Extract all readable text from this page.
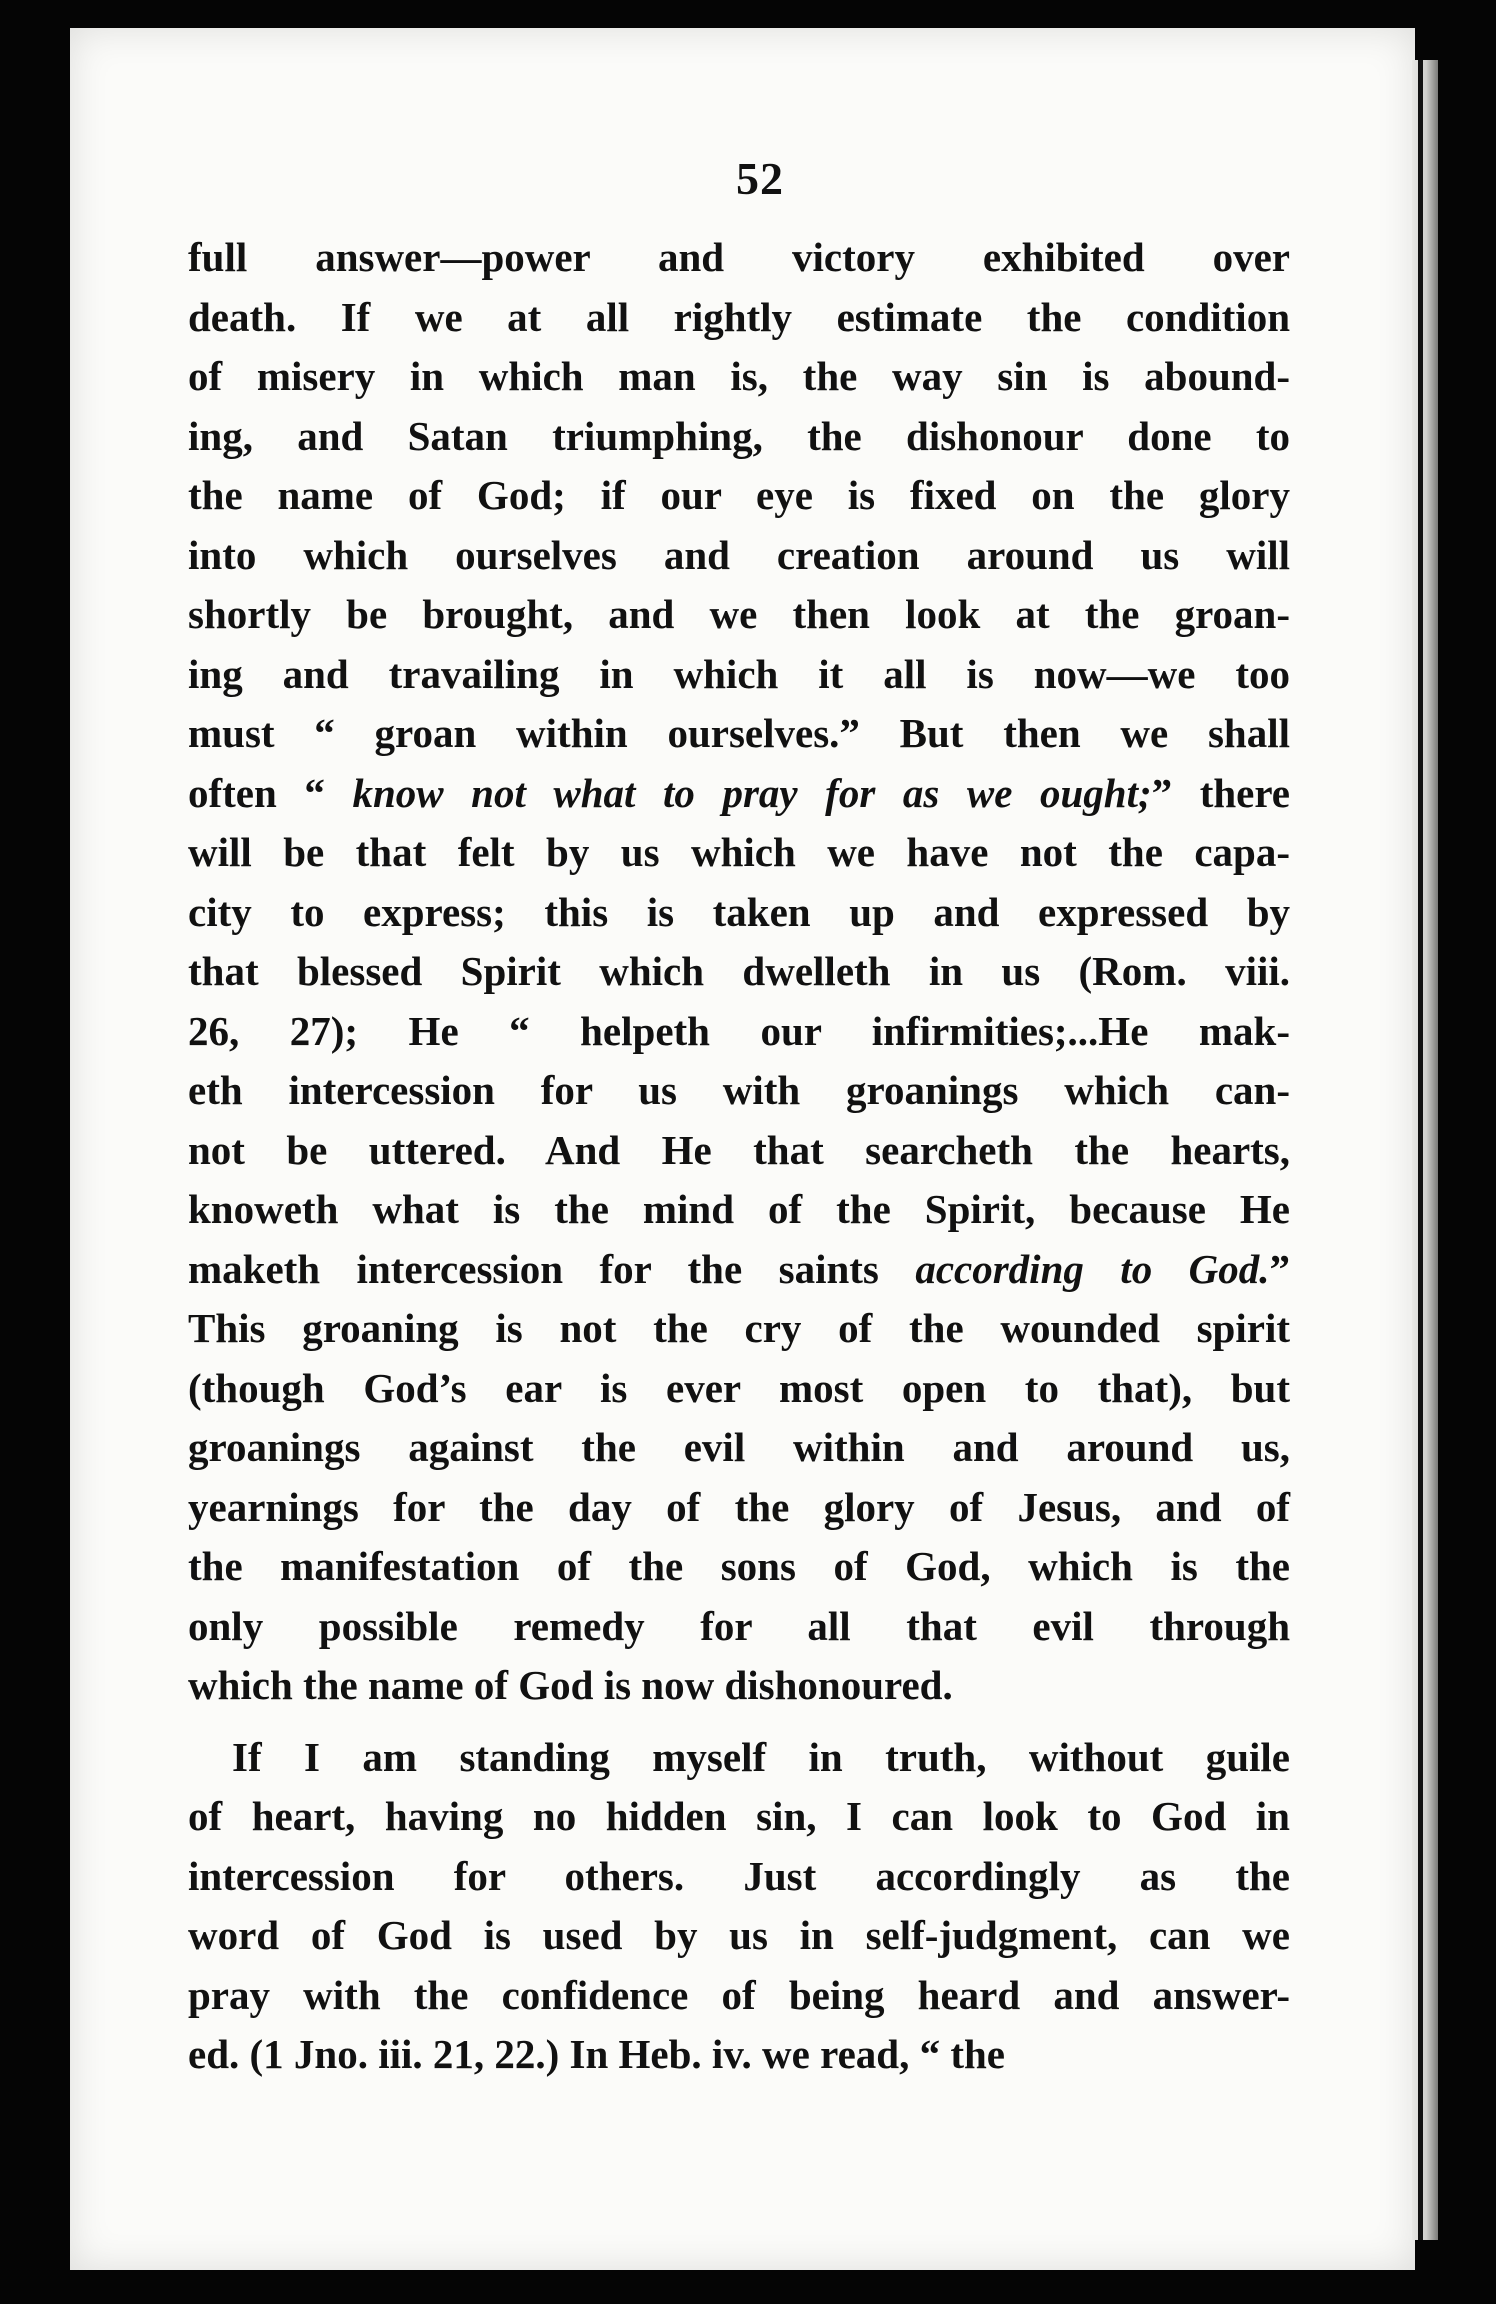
52
full answer—power and victory exhibited over
death. If we at all rightly estimate the condition
of misery in which man is, the way sin is abound-
ing, and Satan triumphing, the dishonour done to
the name of God; if our eye is fixed on the glory
into which ourselves and creation around us will
shortly be brought, and we then look at the groan-
ing and travailing in which it all is now—we too
must “ groan within ourselves.” But then we shall
often “ know not what to pray for as we ought;” there
will be that felt by us which we have not the capa-
city to express; this is taken up and expressed by
that blessed Spirit which dwelleth in us (Rom. viii.
26, 27); He “ helpeth our infirmities;...He mak-
eth intercession for us with groanings which can-
not be uttered. And He that searcheth the hearts,
knoweth what is the mind of the Spirit, because He
maketh intercession for the saints according to God.”
This groaning is not the cry of the wounded spirit
(though God’s ear is ever most open to that), but
groanings against the evil within and around us,
yearnings for the day of the glory of Jesus, and of
the manifestation of the sons of God, which is the
only possible remedy for all that evil through
which the name of God is now dishonoured.
If I am standing myself in truth, without guile
of heart, having no hidden sin, I can look to God in
intercession for others. Just accordingly as the
word of God is used by us in self-judgment, can we
pray with the confidence of being heard and answer-
ed. (1 Jno. iii. 21, 22.) In Heb. iv. we read, “ the
